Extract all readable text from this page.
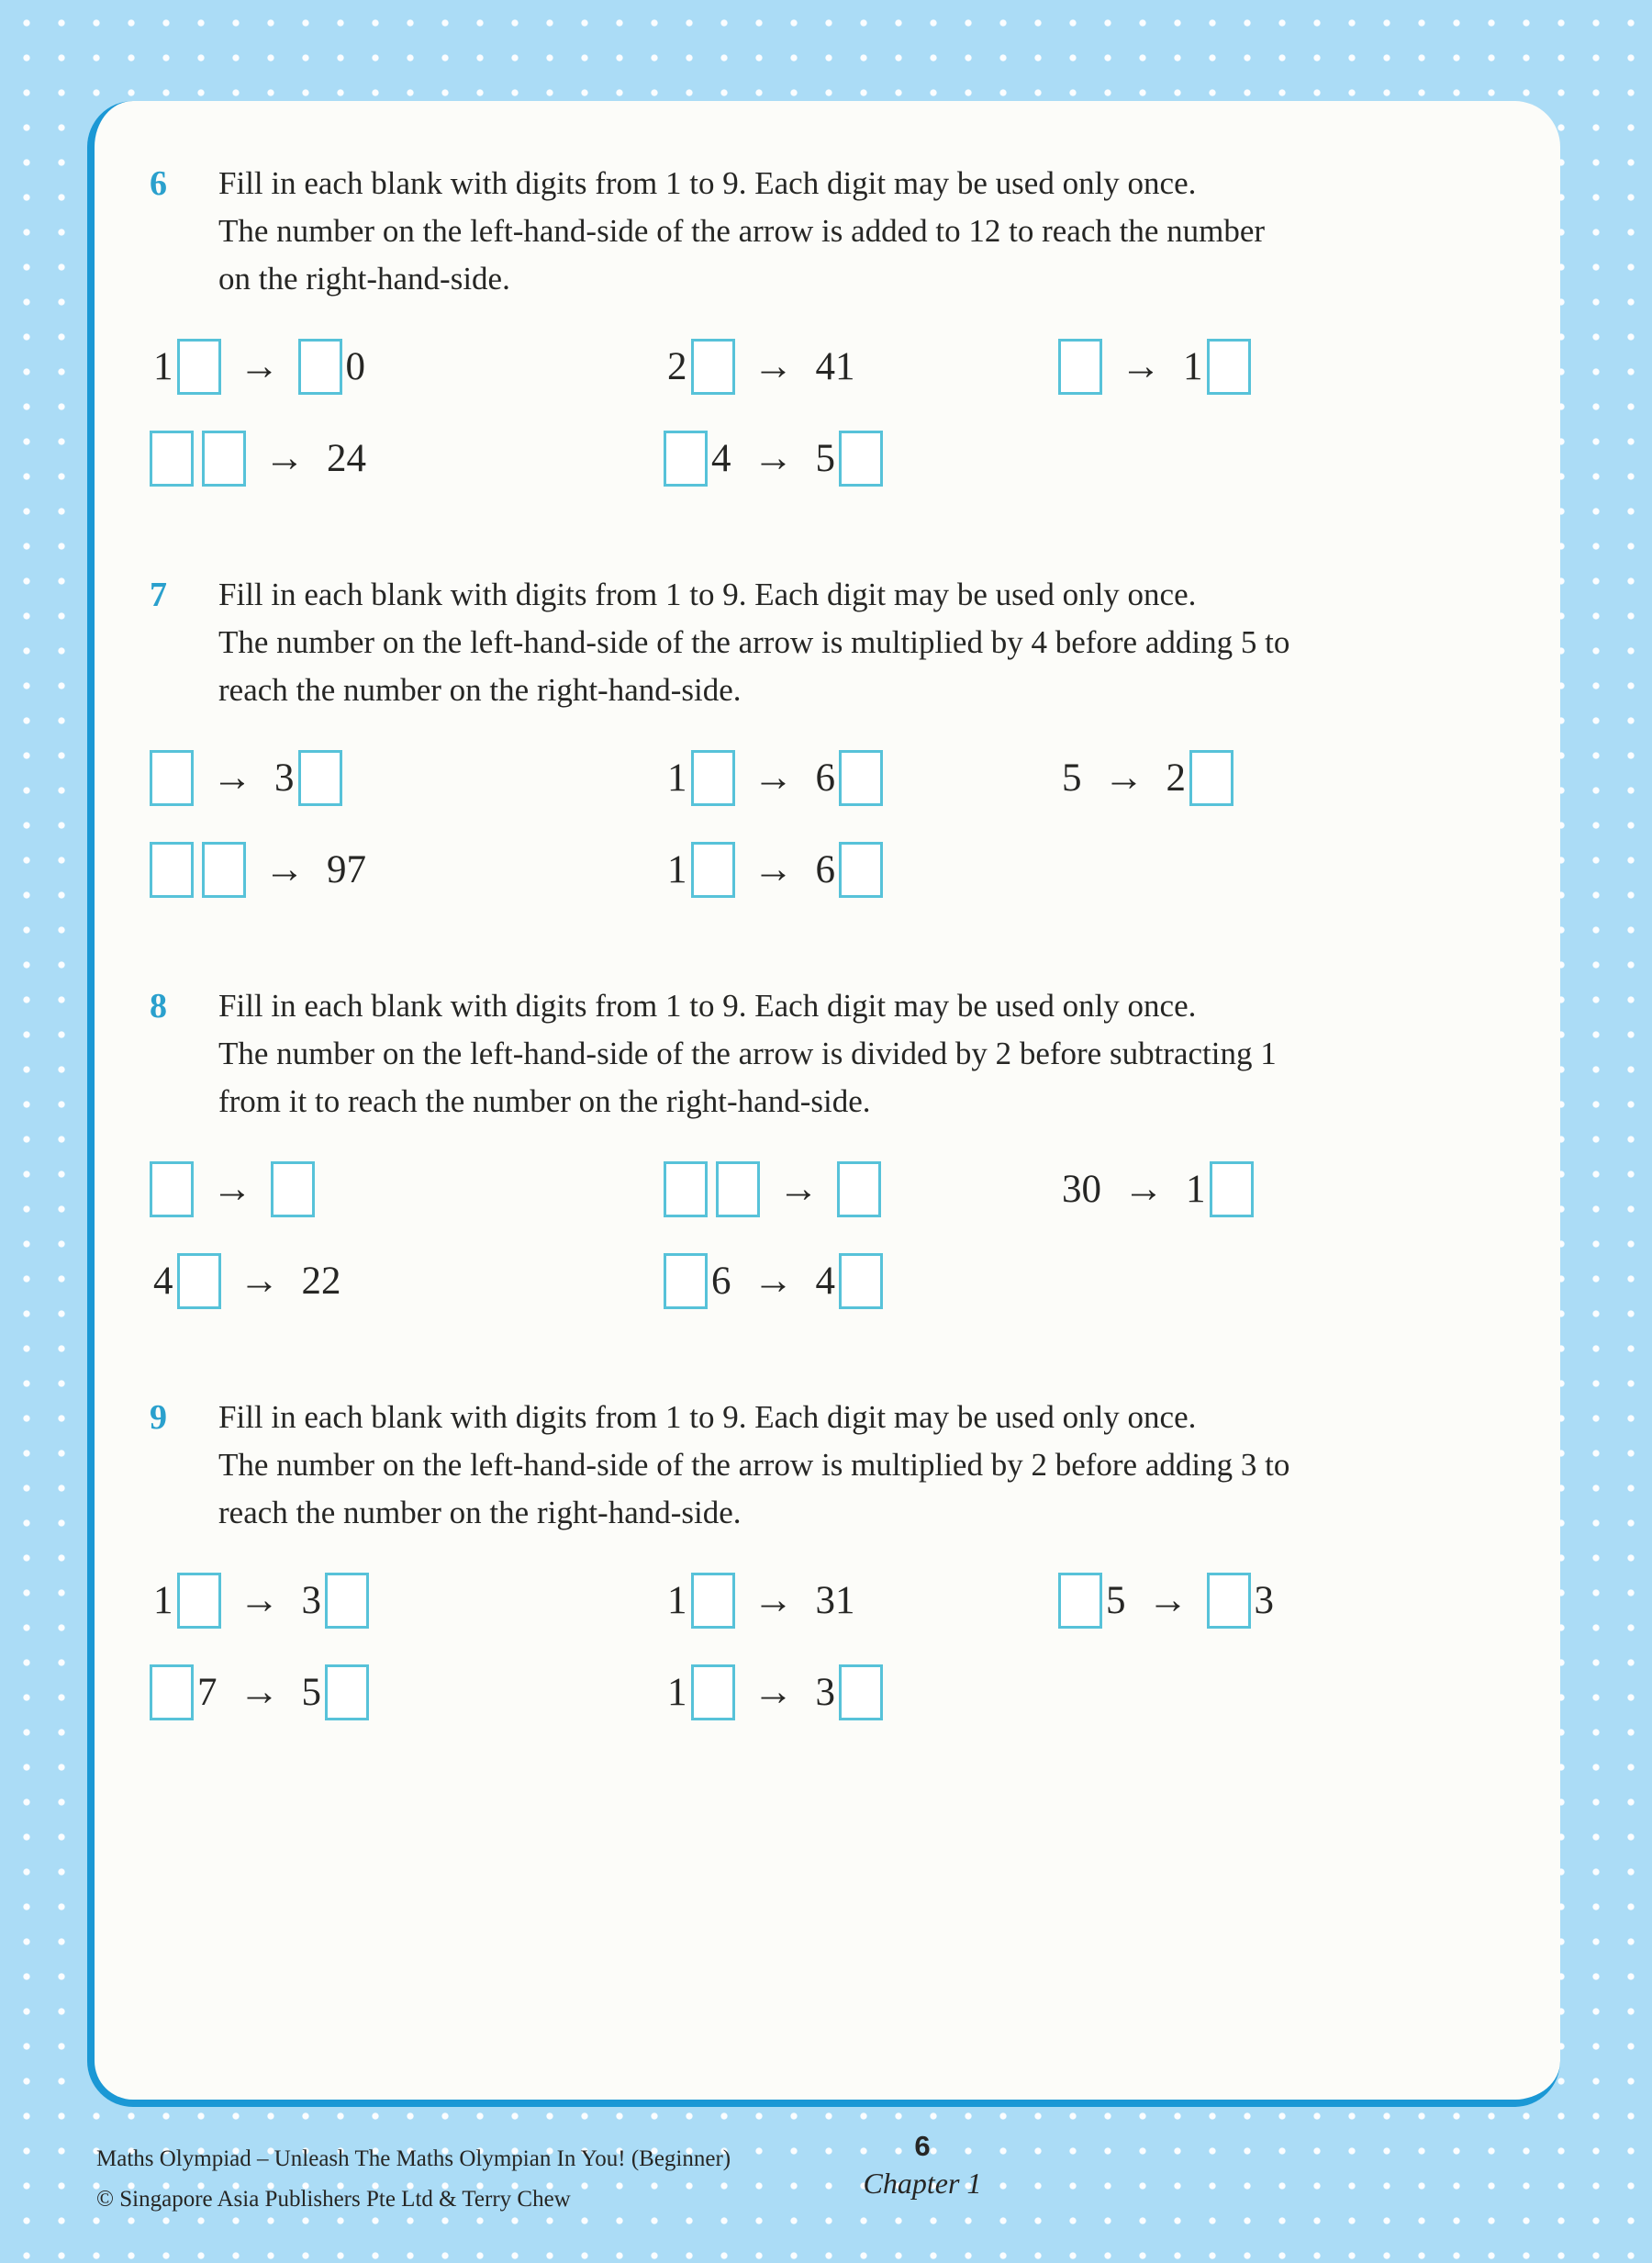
6	Fill in each blank with digits from 1 to 9. Each digit may be used only once.
The number on the left-hand-side of the arrow is added to 12 to reach the number
on the right-hand-side.
1 → 0	2 → 41	→ 1
→ 24	4 → 5
7	Fill in each blank with digits from 1 to 9. Each digit may be used only once.
The number on the left-hand-side of the arrow is multiplied by 4 before adding 5 to
reach the number on the right-hand-side.
→ 3	1 → 6	5 → 2
→ 97	1 → 6
8	Fill in each blank with digits from 1 to 9. Each digit may be used only once.
The number on the left-hand-side of the arrow is divided by 2 before subtracting 1
from it to reach the number on the right-hand-side.
→	→	30 → 1
4 → 22	6 → 4
9	Fill in each blank with digits from 1 to 9. Each digit may be used only once.
The number on the left-hand-side of the arrow is multiplied by 2 before adding 3 to
reach the number on the right-hand-side.
1 → 3	1 → 31	5 → 3
7 → 5	1 → 3
Maths Olympiad – Unleash The Maths Olympian In You! (Beginner)
© Singapore Asia Publishers Pte Ltd & Terry Chew
6
Chapter 1
